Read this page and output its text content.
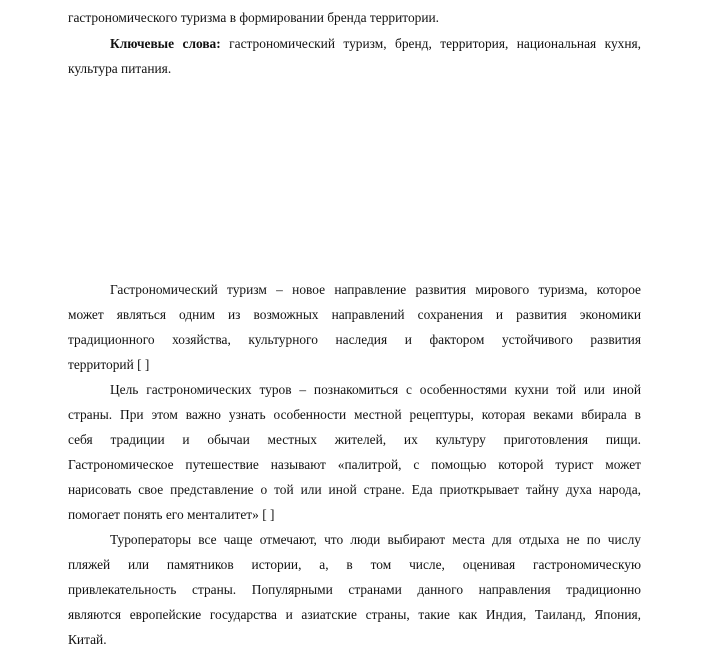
гастрономического туризма в формировании бренда территории.
Ключевые слова: гастрономический туризм, бренд, территория, национальная кухня,
культура питания.
Гастрономический туризм – новое направление развития мирового туризма, которое
может являться одним из возможных направлений сохранения и развития экономики
традиционного хозяйства, культурного наследия и фактором устойчивого развития
территорий [ ]
Цель гастрономических туров – познакомиться с особенностями кухни той или иной
страны. При этом важно узнать особенности местной рецептуры, которая веками вбирала в
себя традиции и обычаи местных жителей, их культуру приготовления пищи.
Гастрономическое путешествие называют «палитрой, с помощью которой турист может
нарисовать свое представление о той или иной стране. Еда приоткрывает тайну духа народа,
помогает понять его менталитет» [ ]
Туроператоры все чаще отмечают, что люди выбирают места для отдыха не по числу
пляжей или памятников истории, а, в том числе, оценивая гастрономическую
привлекательность страны. Популярными странами данного направления традиционно
являются европейские государства и азиатские страны, такие как Индия, Таиланд, Япония,
Китай.
